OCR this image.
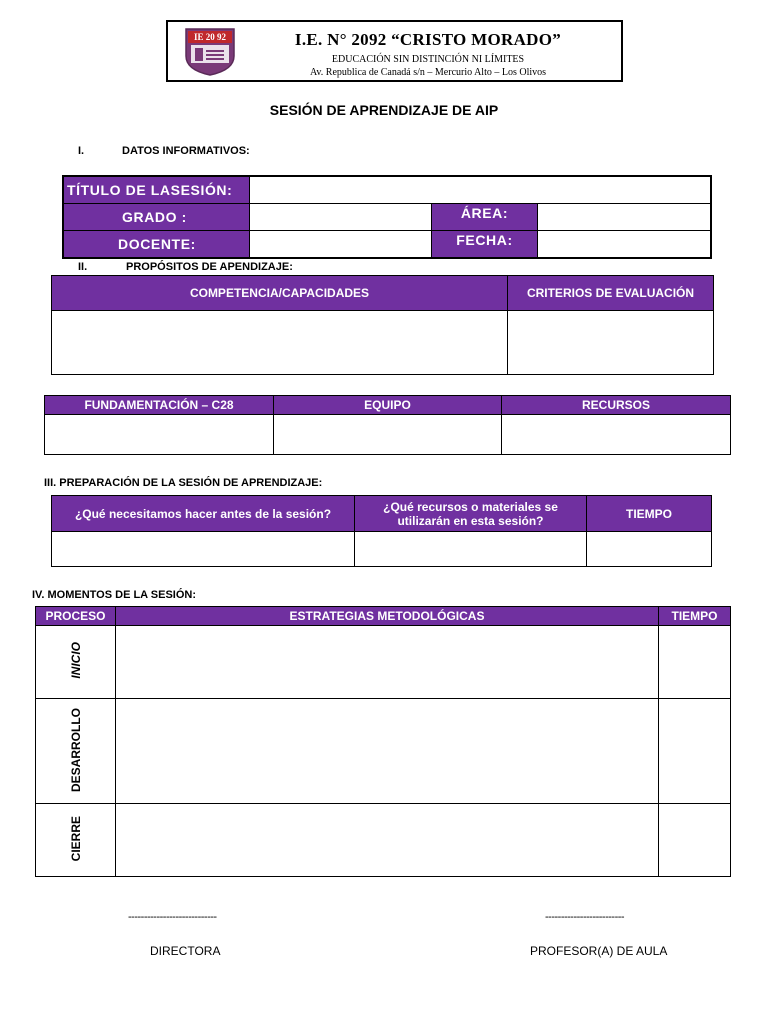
IE 20 92	I.E. N° 2092 “CRISTO MORADO”
EDUCACIÓN SIN DISTINCIÓN NI LÍMITES
Av. Republica de Canadá s/n – Mercurio Alto – Los Olivos
SESIÓN DE APRENDIZAJE DE AIP
I.	DATOS INFORMATIVOS:
TÍTULO DE LASESIÓN:
GRADO :	ÁREA:
DOCENTE:	FECHA:
II.	PROPÓSITOS DE APENDIZAJE:
COMPETENCIA/CAPACIDADES	CRITERIOS DE EVALUACIÓN

FUNDAMENTACIÓN – C28	EQUIPO	RECURSOS

III. PREPARACIÓN DE LA SESIÓN DE APRENDIZAJE:
¿Qué necesitamos hacer antes de la sesión?	¿Qué recursos o materiales se utilizarán en esta sesión?	TIEMPO

IV. MOMENTOS DE LA SESIÓN:
PROCESO	ESTRATEGIAS METODOLÓGICAS	TIEMPO
INICIO		
DESARROLLO		
CIERRE		
----------------------------
DIRECTORA
-------------------------
PROFESOR(A) DE AULA
